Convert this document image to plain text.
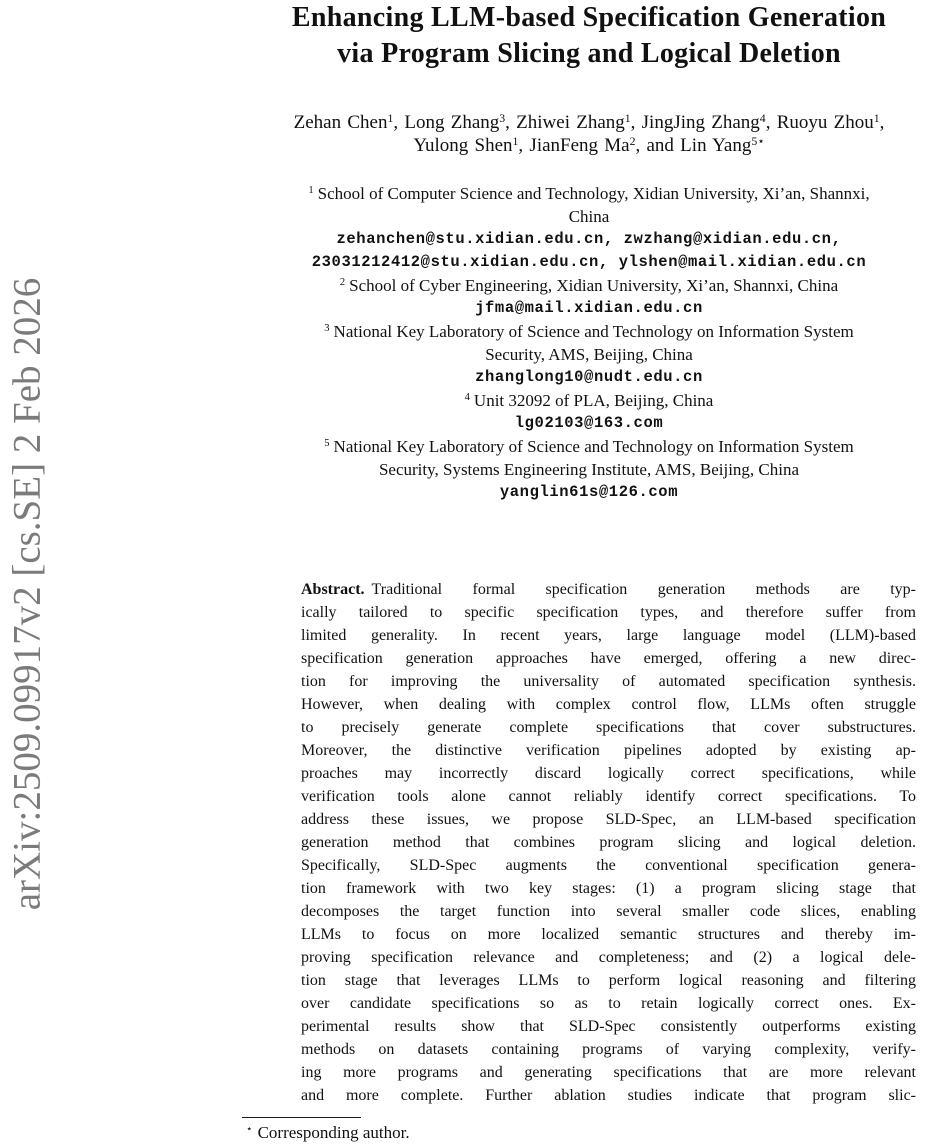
arXiv:2509.09917v2 [cs.SE] 2 Feb 2026
Enhancing LLM-based Specification Generation
via Program Slicing and Logical Deletion
Zehan Chen$^1$, Long Zhang$^3$, Zhiwei Zhang$^1$, JingJing Zhang$^4$, Ruoyu Zhou$^1$,
Yulong Shen$^1$, JianFeng Ma$^2$, and Lin Yang$^{5⋆}$
$^1$ School of Computer Science and Technology, Xidian University, Xi’an, Shannxi,
China
zehanchen@stu.xidian.edu.cn, zwzhang@xidian.edu.cn,
23031212412@stu.xidian.edu.cn, ylshen@mail.xidian.edu.cn
$^2$ School of Cyber Engineering, Xidian University, Xi’an, Shannxi, China
jfma@mail.xidian.edu.cn
$^3$ National Key Laboratory of Science and Technology on Information System
Security, AMS, Beijing, China
zhanglong10@nudt.edu.cn
$^4$ Unit 32092 of PLA, Beijing, China
lg02103@163.com
$^5$ National Key Laboratory of Science and Technology on Information System
Security, Systems Engineering Institute, AMS, Beijing, China
yanglin61s@126.com
Abstract. Traditional formal specification generation methods are typ-
ically tailored to specific specification types, and therefore suffer from
limited generality. In recent years, large language model (LLM)-based
specification generation approaches have emerged, offering a new direc-
tion for improving the universality of automated specification synthesis.
However, when dealing with complex control flow, LLMs often struggle
to precisely generate complete specifications that cover substructures.
Moreover, the distinctive verification pipelines adopted by existing ap-
proaches may incorrectly discard logically correct specifications, while
verification tools alone cannot reliably identify correct specifications. To
address these issues, we propose SLD-Spec, an LLM-based specification
generation method that combines program slicing and logical deletion.
Specifically, SLD-Spec augments the conventional specification genera-
tion framework with two key stages: (1) a program slicing stage that
decomposes the target function into several smaller code slices, enabling
LLMs to focus on more localized semantic structures and thereby im-
proving specification relevance and completeness; and (2) a logical dele-
tion stage that leverages LLMs to perform logical reasoning and filtering
over candidate specifications so as to retain logically correct ones. Ex-
perimental results show that SLD-Spec consistently outperforms existing
methods on datasets containing programs of varying complexity, verify-
ing more programs and generating specifications that are more relevant
and more complete. Further ablation studies indicate that program slic-
⋆ Corresponding author.
